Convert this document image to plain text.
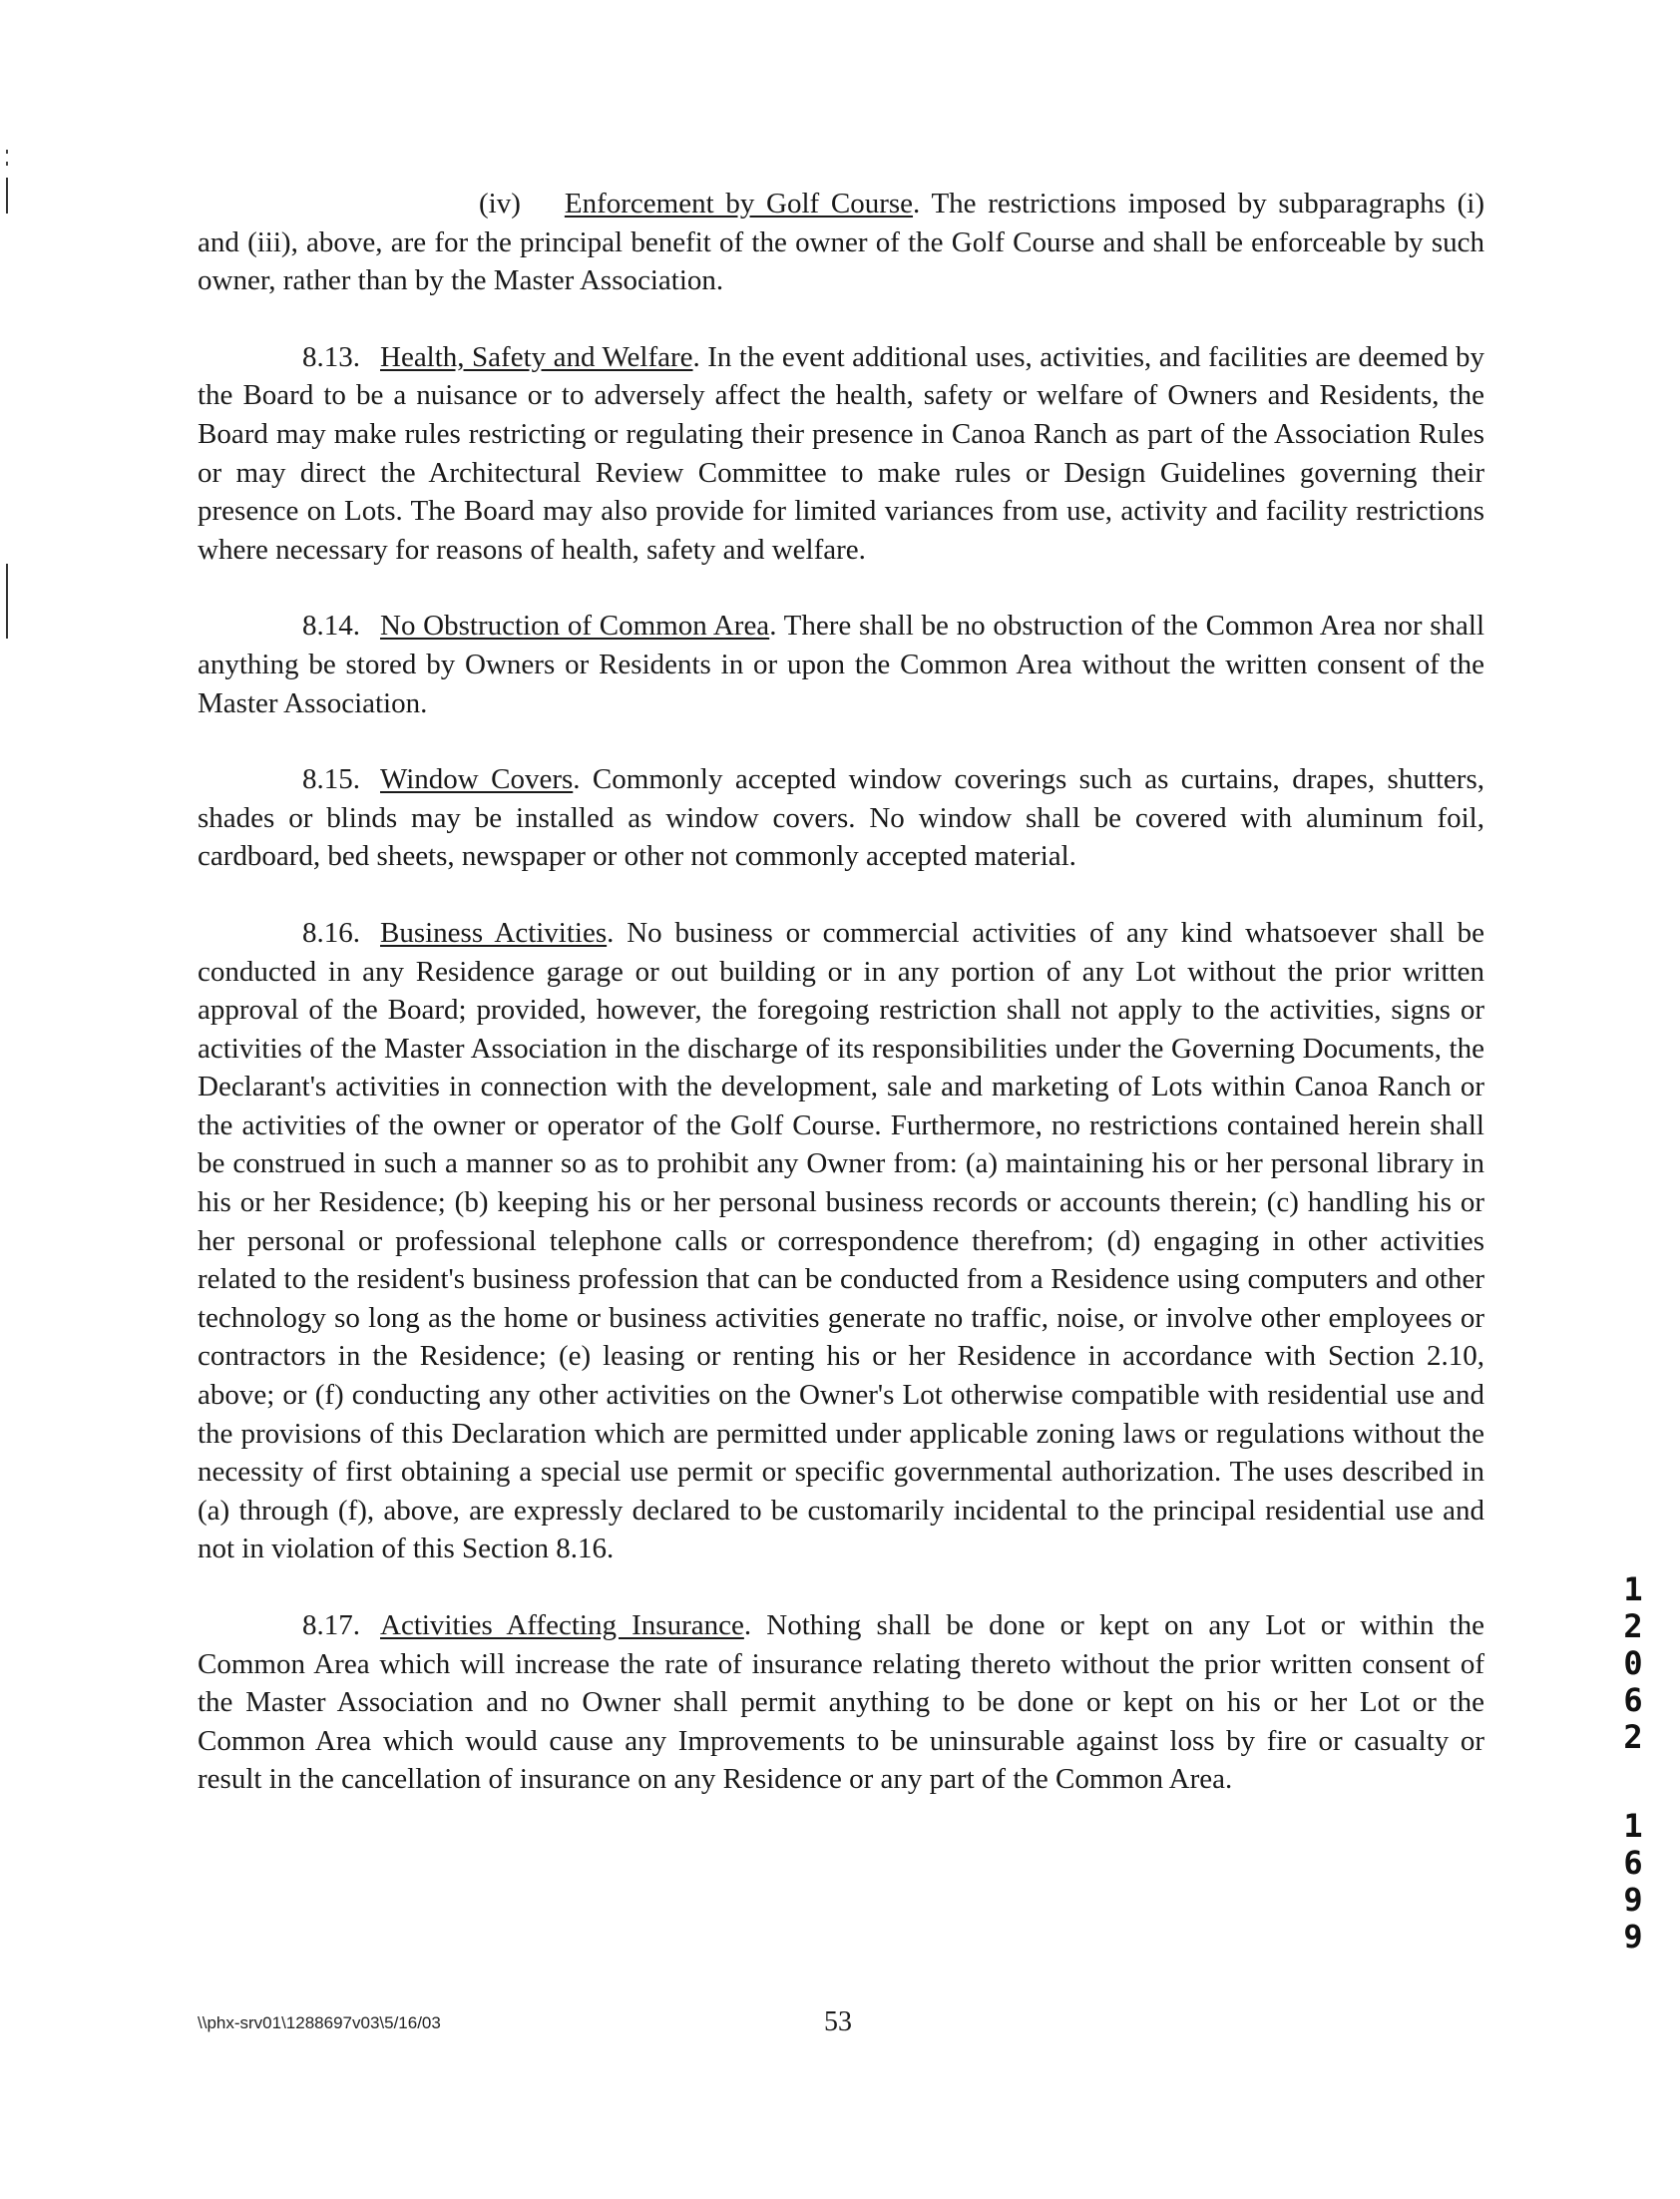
(iv) Enforcement by Golf Course. The restrictions imposed by subparagraphs (i) and (iii), above, are for the principal benefit of the owner of the Golf Course and shall be enforceable by such owner, rather than by the Master Association.

8.13. Health, Safety and Welfare. In the event additional uses, activities, and facilities are deemed by the Board to be a nuisance or to adversely affect the health, safety or welfare of Owners and Residents, the Board may make rules restricting or regulating their presence in Canoa Ranch as part of the Association Rules or may direct the Architectural Review Committee to make rules or Design Guidelines governing their presence on Lots. The Board may also provide for limited variances from use, activity and facility restrictions where necessary for reasons of health, safety and welfare.

8.14. No Obstruction of Common Area. There shall be no obstruction of the Common Area nor shall anything be stored by Owners or Residents in or upon the Common Area without the written consent of the Master Association.

8.15. Window Covers. Commonly accepted window coverings such as curtains, drapes, shutters, shades or blinds may be installed as window covers. No window shall be covered with aluminum foil, cardboard, bed sheets, newspaper or other not commonly accepted material.

8.16. Business Activities. No business or commercial activities of any kind whatsoever shall be conducted in any Residence garage or out building or in any portion of any Lot without the prior written approval of the Board; provided, however, the foregoing restriction shall not apply to the activities, signs or activities of the Master Association in the discharge of its responsibilities under the Governing Documents, the Declarant's activities in connection with the development, sale and marketing of Lots within Canoa Ranch or the activities of the owner or operator of the Golf Course. Furthermore, no restrictions contained herein shall be construed in such a manner so as to prohibit any Owner from: (a) maintaining his or her personal library in his or her Residence; (b) keeping his or her personal business records or accounts therein; (c) handling his or her personal or professional telephone calls or correspondence therefrom; (d) engaging in other activities related to the resident's business profession that can be conducted from a Residence using computers and other technology so long as the home or business activities generate no traffic, noise, or involve other employees or contractors in the Residence; (e) leasing or renting his or her Residence in accordance with Section 2.10, above; or (f) conducting any other activities on the Owner's Lot otherwise compatible with residential use and the provisions of this Declaration which are permitted under applicable zoning laws or regulations without the necessity of first obtaining a special use permit or specific governmental authorization. The uses described in (a) through (f), above, are expressly declared to be customarily incidental to the principal residential use and not in violation of this Section 8.16.

8.17. Activities Affecting Insurance. Nothing shall be done or kept on any Lot or within the Common Area which will increase the rate of insurance relating thereto without the prior written consent of the Master Association and no Owner shall permit anything to be done or kept on his or her Lot or the Common Area which would cause any Improvements to be uninsurable against loss by fire or casualty or result in the cancellation of insurance on any Residence or any part of the Common Area.

\\phx-srv01\1288697v03\5/16/03	53
12062
1699
